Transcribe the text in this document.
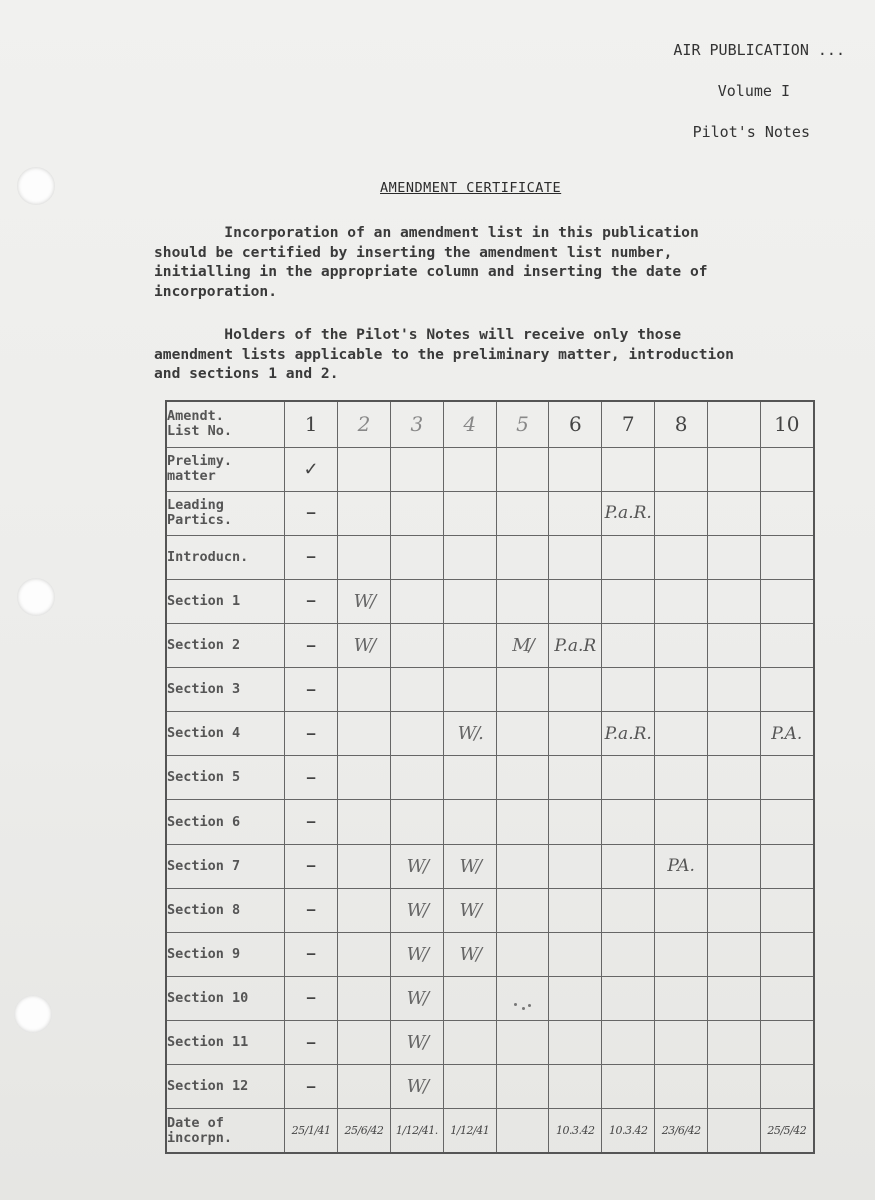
AIR PUBLICATION ...
Volume I
Pilot's Notes
AMENDMENT CERTIFICATE

Incorporation of an amendment list in this publication
should be certified by inserting the amendment list number,
initialling in the appropriate column and inserting the date of
incorporation.

Holders of the Pilot's Notes will receive only those
amendment lists applicable to the preliminary matter, introduction
and sections 1 and 2.

Amendt.
List No.	1	2	3	4	5	6	7	8		10
Prelimy.
matter	✓									
Leading
Partics.	–						P.a.R.			
Introducn.	–									
Section 1	–	W/								
Section 2	–	W/			M/	P.a.R				
Section 3	–									
Section 4	–			W/.			P.a.R.			P.A.
Section 5	–									
Section 6	–									
Section 7	–		W/	W/				PA.		
Section 8	–		W/	W/						
Section 9	–		W/	W/						
Section 10	–		W/							
Section 11	–		W/							
Section 12	–		W/							
Date of
incorpn.	25/1/41	25/6/42	1/12/41.	1/12/41		10.3.42	10.3.42	23/6/42		25/5/42
